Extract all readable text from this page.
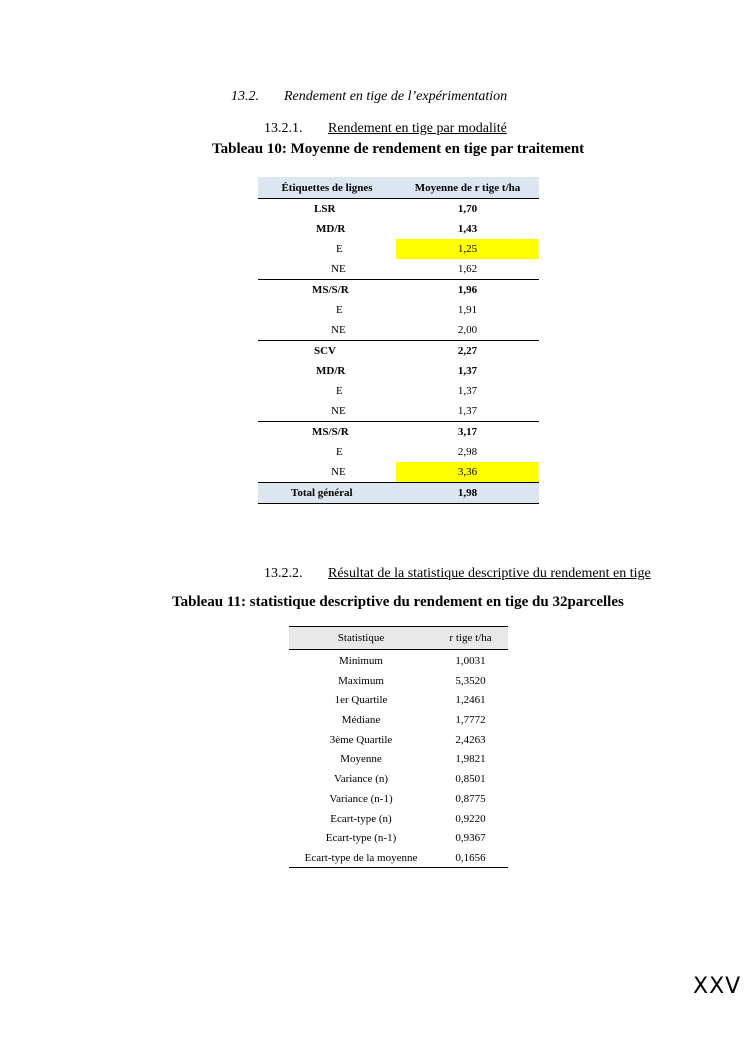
13.2. Rendement en tige de l’expérimentation
13.2.1. Rendement en tige par modalité
Tableau 10: Moyenne de rendement en tige par traitement
Étiquettes de lignes	Moyenne de r tige t/ha
LSR	1,70
MD/R	1,43
E	1,25
NE	1,62
MS/S/R	1,96
E	1,91
NE	2,00
SCV	2,27
MD/R	1,37
E	1,37
NE	1,37
MS/S/R	3,17
E	2,98
NE	3,36
Total général	1,98
13.2.2. Résultat de la statistique descriptive du rendement en tige
Tableau 11: statistique descriptive du rendement en tige du 32parcelles
Statistique	r tige t/ha
Minimum	1,0031
Maximum	5,3520
1er Quartile	1,2461
Médiane	1,7772
3ème Quartile	2,4263
Moyenne	1,9821
Variance (n)	0,8501
Variance (n-1)	0,8775
Ecart-type (n)	0,9220
Ecart-type (n-1)	0,9367
Ecart-type de la moyenne	0,1656
XXV
